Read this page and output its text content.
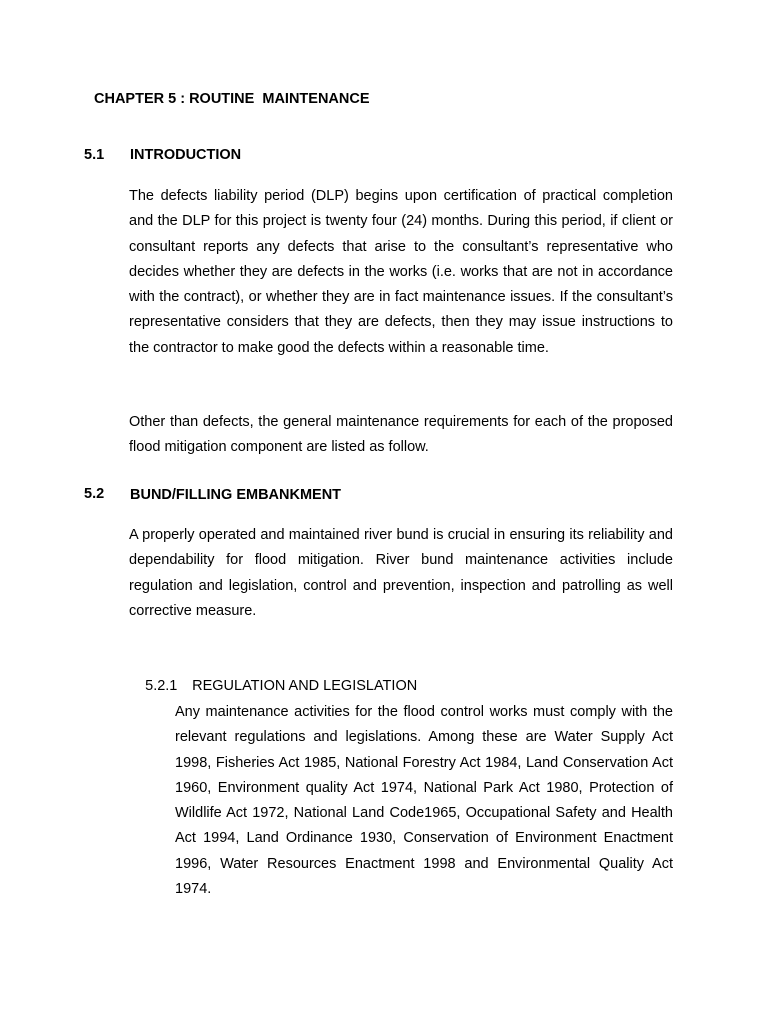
CHAPTER 5 : ROUTINE  MAINTENANCE
5.1 INTRODUCTION

The defects liability period (DLP) begins upon certification of practical completion and the DLP for this project is twenty four (24) months. During this period, if client or consultant reports any defects that arise to the consultant’s representative who decides whether they are defects in the works (i.e. works that are not in accordance with the contract), or whether they are in fact maintenance issues. If the consultant’s representative considers that they are defects, then they may issue instructions to the contractor to make good the defects within a reasonable time.

Other than defects, the general maintenance requirements for each of the proposed flood mitigation component are listed as follow.

5.2 BUND/FILLING EMBANKMENT

A properly operated and maintained river bund is crucial in ensuring its reliability and dependability for flood mitigation. River bund maintenance activities include regulation and legislation, control and prevention, inspection and patrolling as well corrective measure.

5.2.1 REGULATION AND LEGISLATION

Any maintenance activities for the flood control works must comply with the relevant regulations and legislations. Among these are Water Supply Act 1998, Fisheries Act 1985, National Forestry Act 1984, Land Conservation Act 1960, Environment quality Act 1974, National Park Act 1980, Protection of Wildlife Act 1972, National Land Code1965, Occupational Safety and Health Act 1994, Land Ordinance 1930, Conservation of Environment Enactment 1996, Water Resources Enactment 1998 and Environmental Quality Act 1974.
